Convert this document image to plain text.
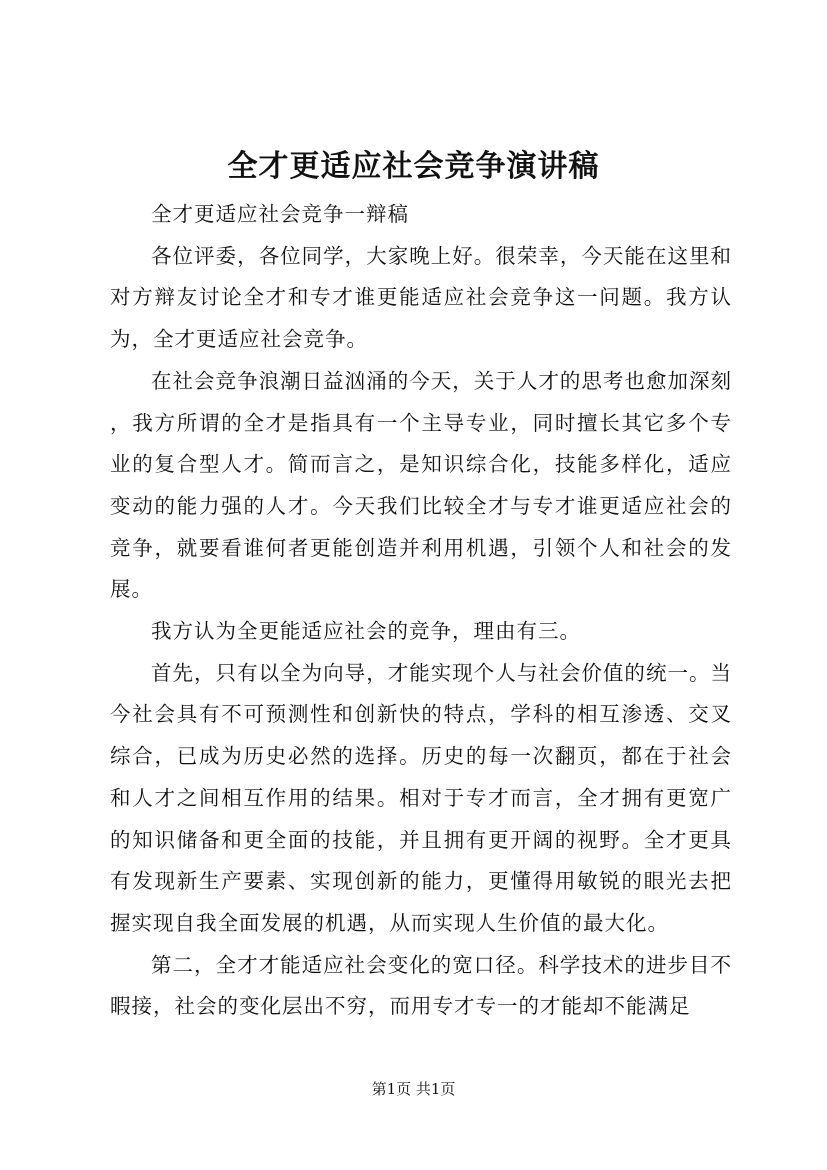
全才更适应社会竞争演讲稿

全才更适应社会竞争一辩稿

各位评委，各位同学，大家晚上好。很荣幸，今天能在这里和对方辩友讨论全才和专才谁更能适应社会竞争这一问题。我方认为，全才更适应社会竞争。

在社会竞争浪潮日益汹涌的今天，关于人才的思考也愈加深刻，我方所谓的全才是指具有一个主导专业，同时擅长其它多个专业的复合型人才。简而言之，是知识综合化，技能多样化，适应变动的能力强的人才。今天我们比较全才与专才谁更适应社会的竞争，就要看谁何者更能创造并利用机遇，引领个人和社会的发展。

我方认为全更能适应社会的竞争，理由有三。

首先，只有以全为向导，才能实现个人与社会价值的统一。当今社会具有不可预测性和创新快的特点，学科的相互渗透、交叉综合，已成为历史必然的选择。历史的每一次翻页，都在于社会和人才之间相互作用的结果。相对于专才而言，全才拥有更宽广的知识储备和更全面的技能，并且拥有更开阔的视野。全才更具有发现新生产要素、实现创新的能力，更懂得用敏锐的眼光去把握实现自我全面发展的机遇，从而实现人生价值的最大化。

第二，全才才能适应社会变化的宽口径。科学技术的进步目不暇接，社会的变化层出不穷，而用专才专一的才能却不能满足

第1页 共1页
